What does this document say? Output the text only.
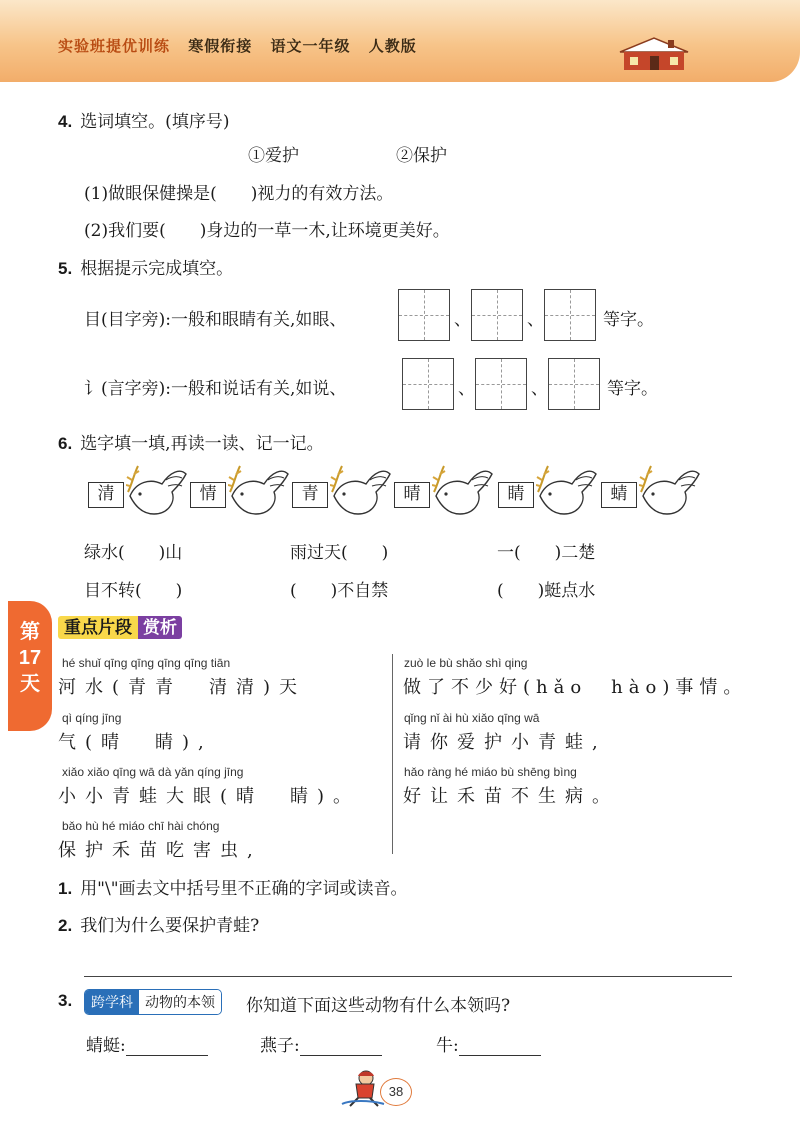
实验班提优训练 寒假衔接 语文一年级 人教版
4. 选词填空。(填序号)
①爱护	②保护
(1)做眼保健操是(　　)视力的有效方法。
(2)我们要(　　)身边的一草一木,让环境更美好。
5. 根据提示完成填空。
目(目字旁):一般和眼睛有关,如眼、	、	、	等字。
讠(言字旁):一般和说话有关,如说、	、	、	等字。
6. 选字填一填,再读一读、记一记。
清	情	青	晴	睛	蜻
绿水(　　)山	雨过天(　　)	一(　　)二楚
目不转(　　)	(　　)不自禁	(　　)蜓点水
第
17
天
重点片段 赏析
hé shuǐ qīng qīng qīng qīng tiān
河水(青青　清清)天
qì qíng jīng
气(晴　睛),
xiǎo xiǎo qīng wā dà yǎn qíng jīng
小小青蛙大眼(晴　睛)。
bǎo hù hé miáo chī hài chóng
保护禾苗吃害虫,
zuò le bù shǎo shì qing
做了不少好(hǎo　hào)事情。
qǐng nǐ ài hù xiǎo qīng wā
请你爱护小青蛙,
hǎo ràng hé miáo bù shēng bìng
好让禾苗不生病。
1. 用"\"画去文中括号里不正确的字词或读音。
2. 我们为什么要保护青蛙?
3.	跨学科 动物的本领	你知道下面这些动物有什么本领吗?
蜻蜓:	燕子:	牛:
38
